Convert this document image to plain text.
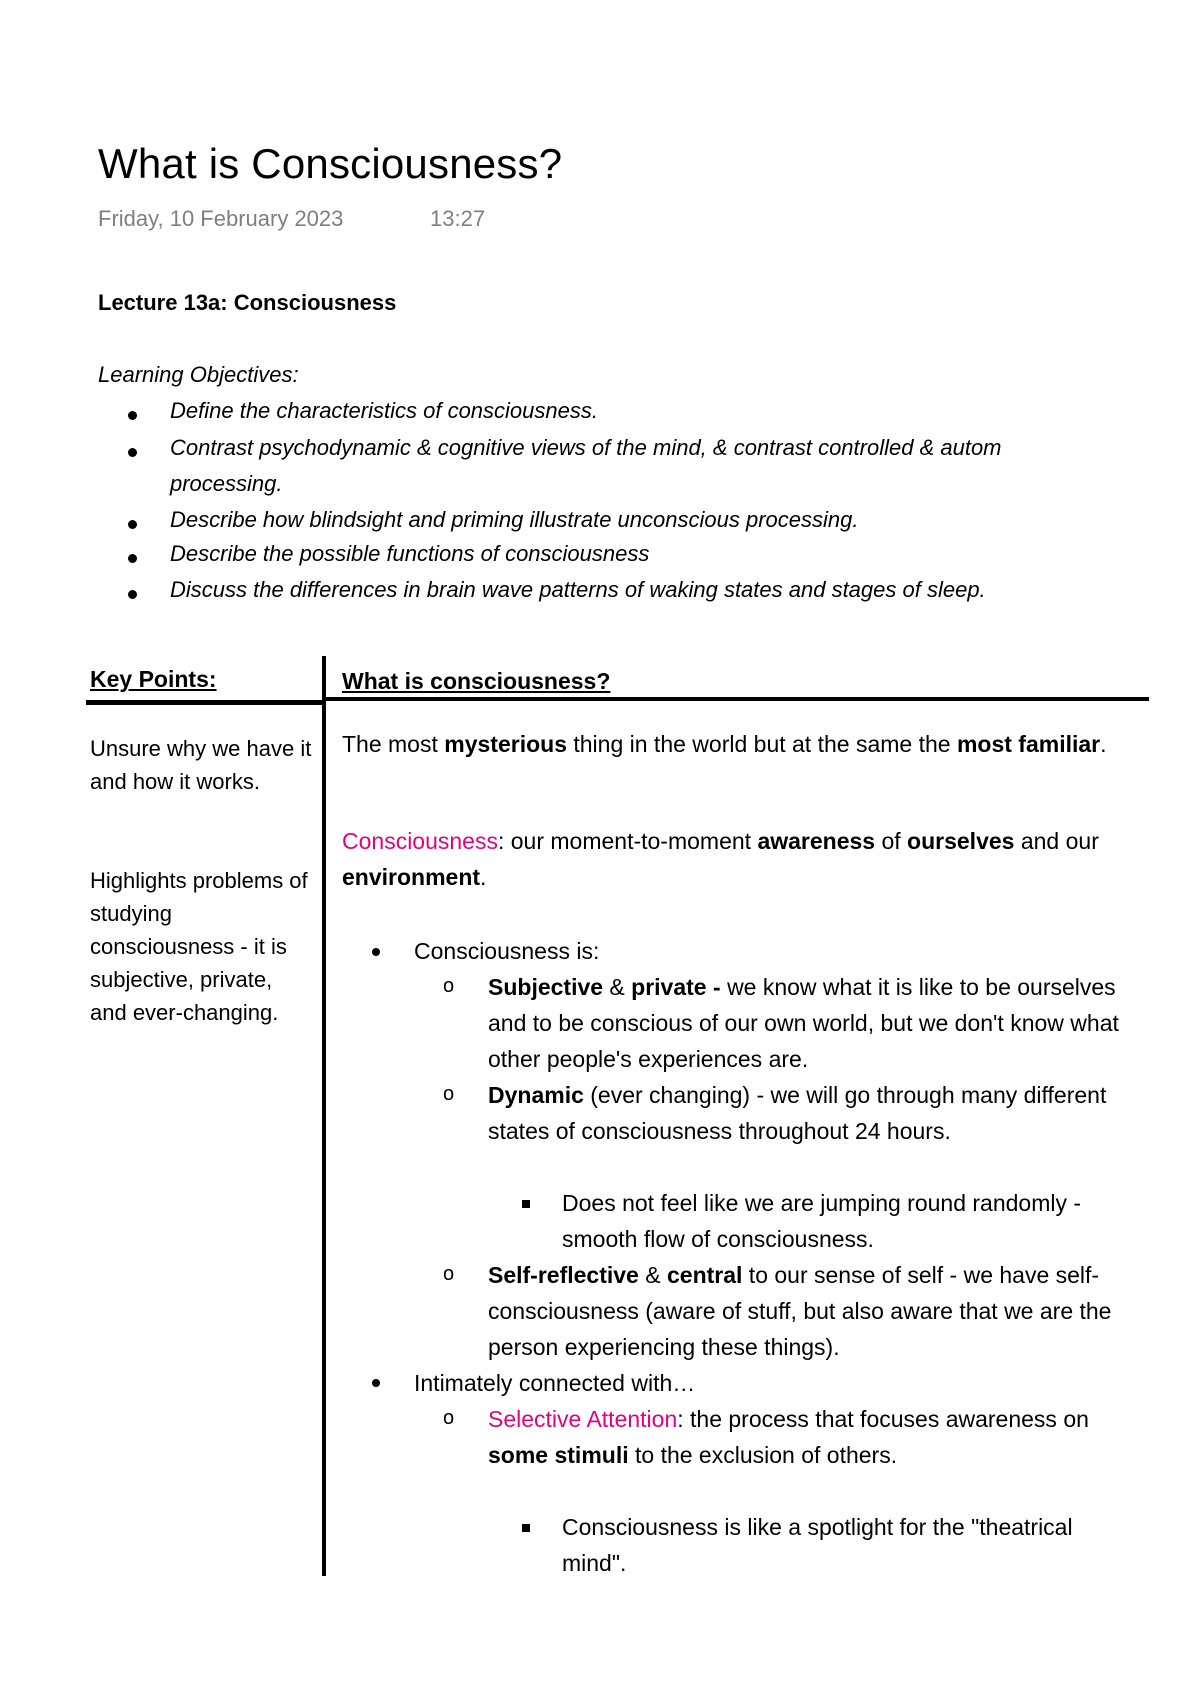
What is Consciousness?
Friday, 10 February 2023	13:27
Lecture 13a: Consciousness
Learning Objectives:
Define the characteristics of consciousness.
Contrast psychodynamic & cognitive views of the mind, & contrast controlled & autom
processing.
Describe how blindsight and priming illustrate unconscious processing.
Describe the possible functions of consciousness
Discuss the differences in brain wave patterns of waking states and stages of sleep.
Key Points:	What is consciousness?
Unsure why we have it and how it works.
Highlights problems of studying consciousness - it is subjective, private, and ever-changing.
The most mysterious thing in the world but at the same the most familiar.
Consciousness: our moment-to-moment awareness of ourselves and our environment.
Consciousness is:
o Subjective & private - we know what it is like to be ourselves and to be conscious of our own world, but we don't know what other people's experiences are.
o Dynamic (ever changing) - we will go through many different states of consciousness throughout 24 hours.
Does not feel like we are jumping round randomly - smooth flow of consciousness.
o Self-reflective & central to our sense of self - we have self-consciousness (aware of stuff, but also aware that we are the person experiencing these things).
Intimately connected with…
o Selective Attention: the process that focuses awareness on some stimuli to the exclusion of others.
Consciousness is like a spotlight for the "theatrical mind".
